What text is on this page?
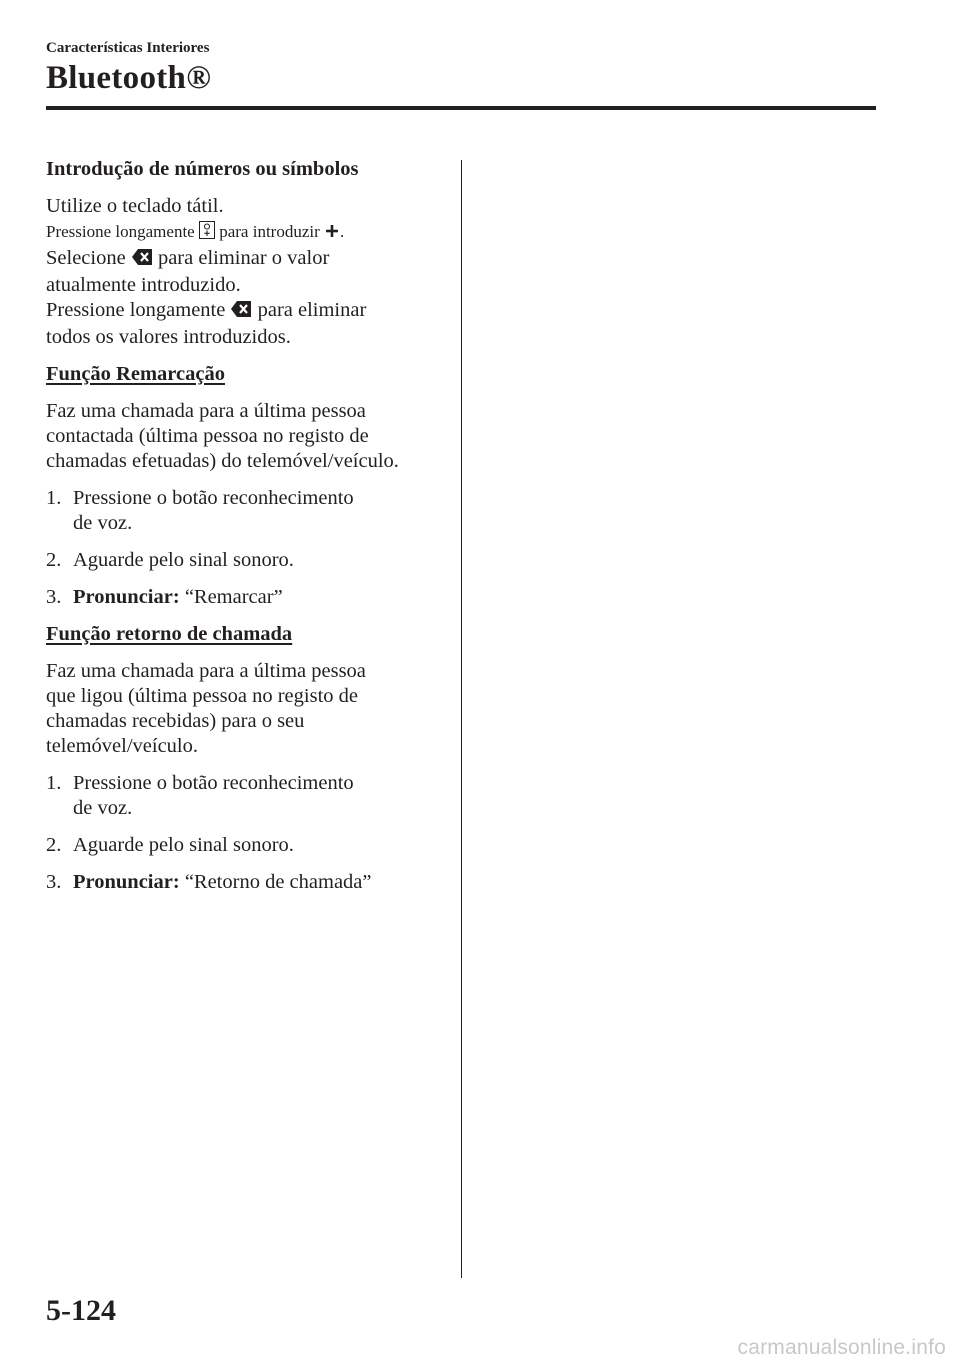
Características Interiores
Bluetooth®

Introdução de números ou símbolos

Utilize o teclado tátil.

Pressione longamente para introduzir .

Selecione para eliminar o valor

atualmente introduzido.

Pressione longamente para eliminar

todos os valores introduzidos.

Função Remarcação

Faz uma chamada para a última pessoa

contactada (última pessoa no registo de

chamadas efetuadas) do telemóvel/veículo.

1. Pressione o botão reconhecimento
de voz.
2. Aguarde pelo sinal sonoro.
3. Pronunciar: “Remarcar”

Função retorno de chamada

Faz uma chamada para a última pessoa

que ligou (última pessoa no registo de

chamadas recebidas) para o seu

telemóvel/veículo.

1. Pressione o botão reconhecimento
de voz.
2. Aguarde pelo sinal sonoro.
3. Pronunciar: “Retorno de chamada”
5-124
carmanualsonline.info
